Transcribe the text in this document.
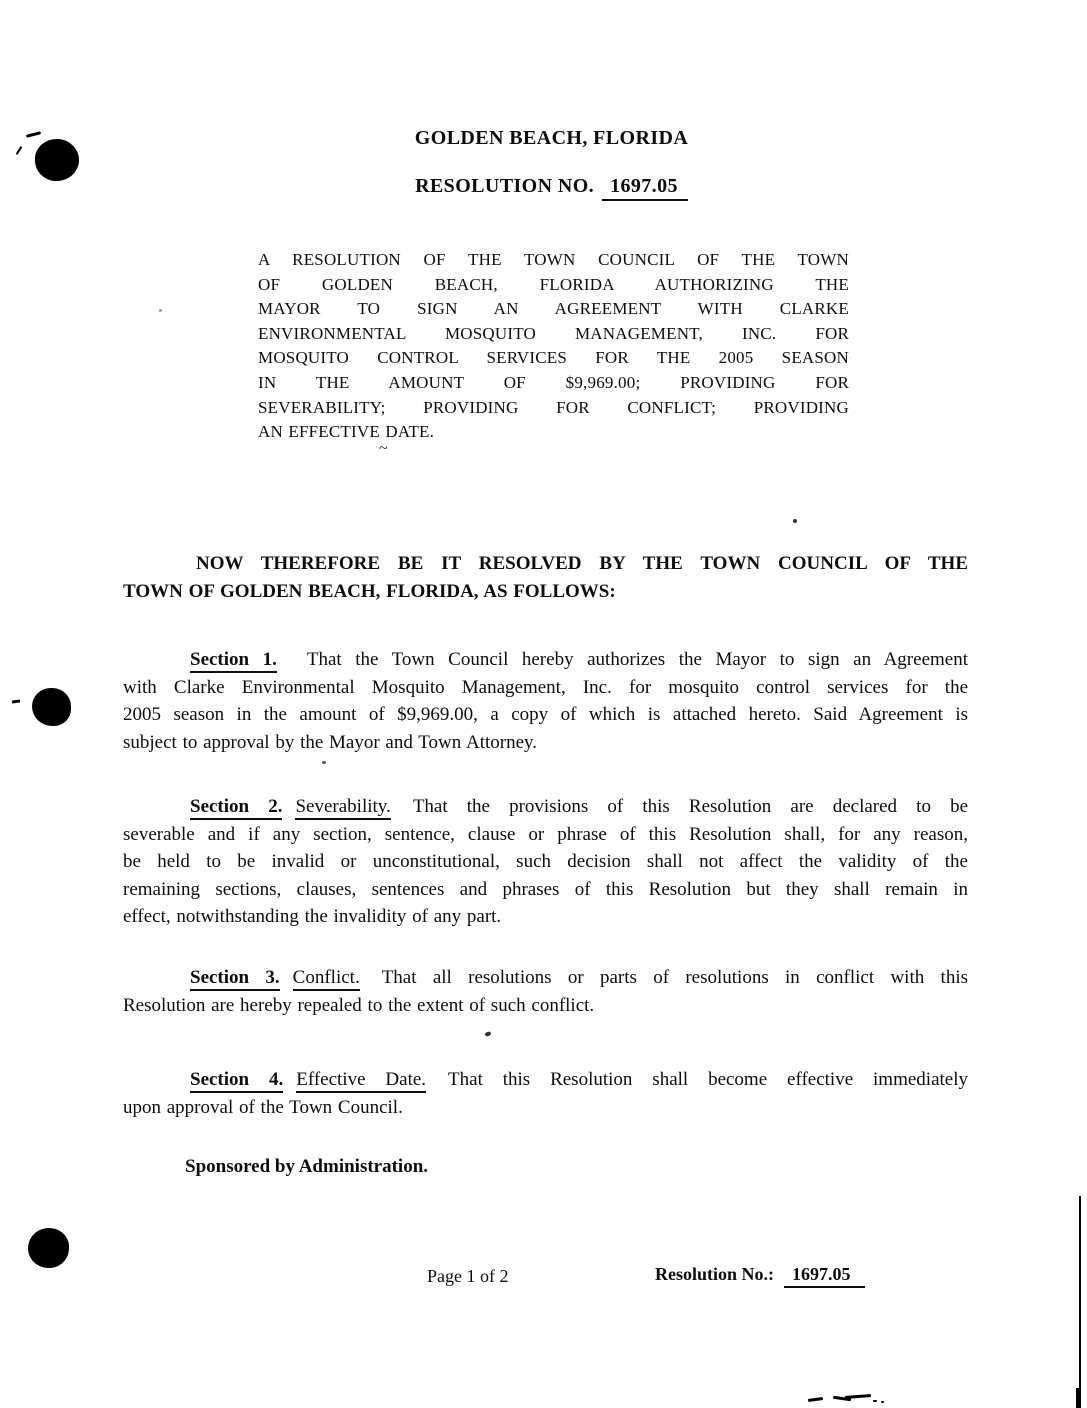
~
GOLDEN BEACH, FLORIDA
RESOLUTION NO. 1697.05
A RESOLUTION OF THE TOWN COUNCIL OF THE TOWN
OF GOLDEN BEACH, FLORIDA AUTHORIZING THE
MAYOR TO SIGN AN AGREEMENT WITH CLARKE
ENVIRONMENTAL MOSQUITO MANAGEMENT, INC. FOR
MOSQUITO CONTROL SERVICES FOR THE 2005 SEASON
IN THE AMOUNT OF $9,969.00; PROVIDING FOR
SEVERABILITY; PROVIDING FOR CONFLICT; PROVIDING
AN EFFECTIVE DATE.
NOW THEREFORE BE IT RESOLVED BY THE TOWN COUNCIL OF THE
TOWN OF GOLDEN BEACH, FLORIDA, AS FOLLOWS:
Section 1. That the Town Council hereby authorizes the Mayor to sign an Agreement
with Clarke Environmental Mosquito Management, Inc. for mosquito control services for the
2005 season in the amount of $9,969.00, a copy of which is attached hereto. Said Agreement is
subject to approval by the Mayor and Town Attorney.
Section 2. Severability. That the provisions of this Resolution are declared to be
severable and if any section, sentence, clause or phrase of this Resolution shall, for any reason,
be held to be invalid or unconstitutional, such decision shall not affect the validity of the
remaining sections, clauses, sentences and phrases of this Resolution but they shall remain in
effect, notwithstanding the invalidity of any part.
Section 3. Conflict. That all resolutions or parts of resolutions in conflict with this
Resolution are hereby repealed to the extent of such conflict.
Section 4. Effective Date. That this Resolution shall become effective immediately
upon approval of the Town Council.
Sponsored by Administration.
Page 1 of 2	Resolution No.: 1697.05
